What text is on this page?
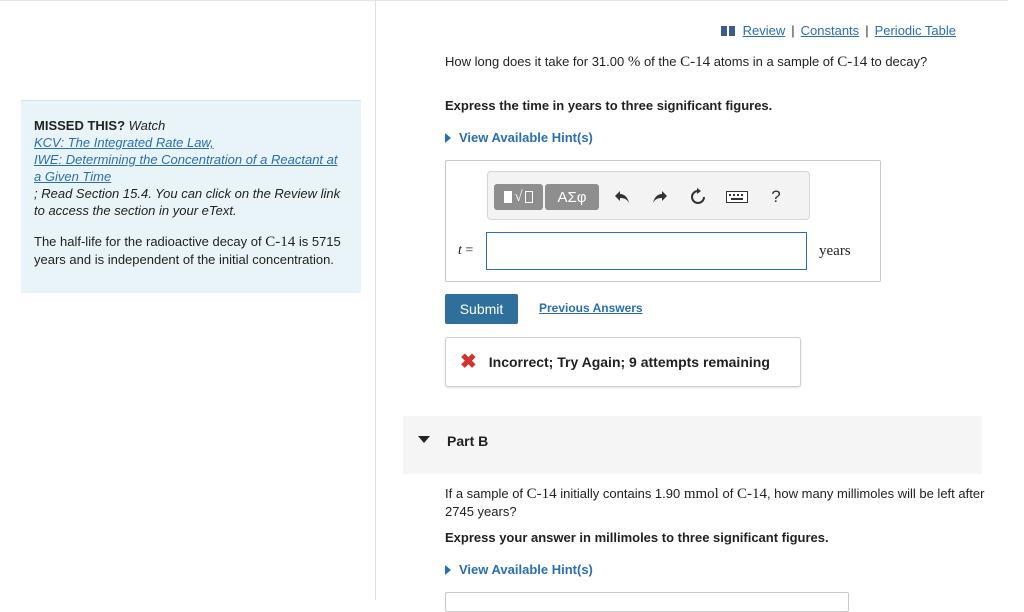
MISSED THIS? Watch

KCV: The Integrated Rate Law,
IWE: Determining the Concentration of a Reactant at a Given Time

; Read Section 15.4. You can click on the Review link to access the section in your eText.

The half-life for the radioactive decay of C-14 is 5715 years and is independent of the initial concentration.

Review | Constants | Periodic Table
How long does it take for 31.00 % of the C-14 atoms in a sample of C-14 to decay?
Express the time in years to three significant figures.
View Available Hint(s)
√	ΑΣφ	?
t =	years
Submit	Previous Answers
✖ Incorrect; Try Again; 9 attempts remaining
Part B
If a sample of C-14 initially contains 1.90 mmol of C-14, how many millimoles will be left after 2745 years?
Express your answer in millimoles to three significant figures.
View Available Hint(s)
